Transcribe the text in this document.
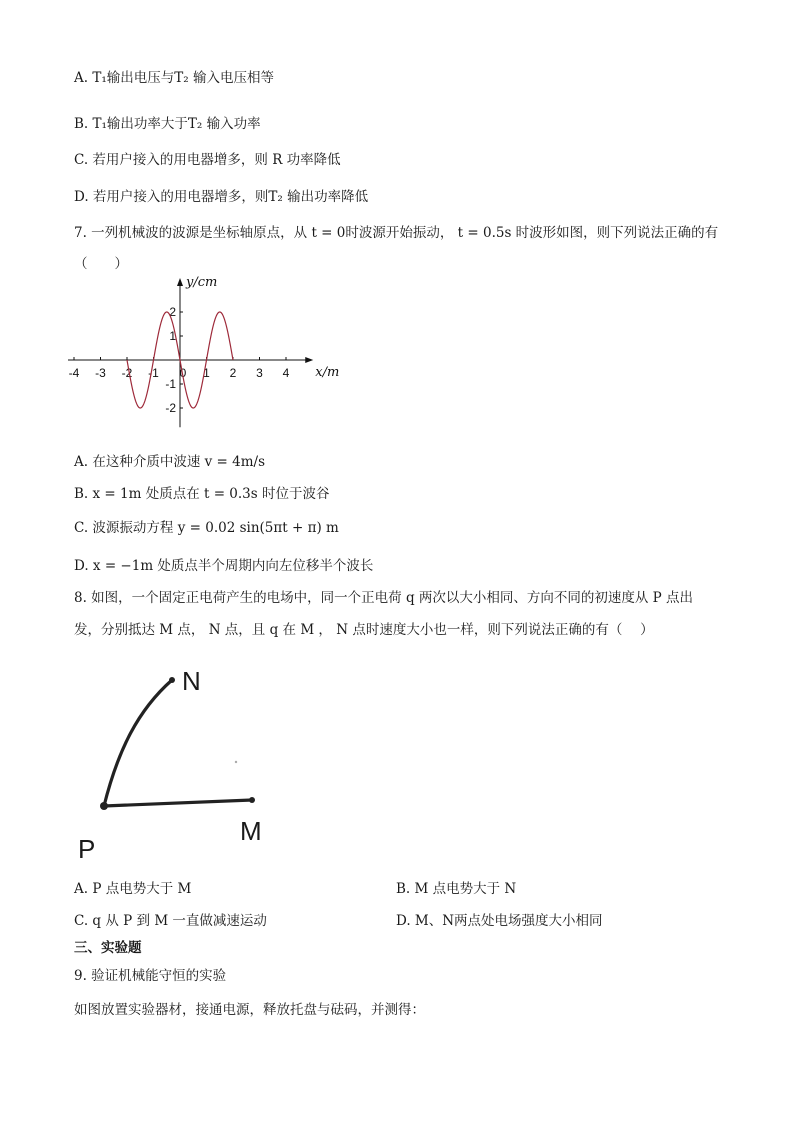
A. T₁输出电压与T₂ 输入电压相等
B. T₁输出功率大于T₂ 输入功率
C. 若用户接入的用电器增多，则 R 功率降低
D. 若用户接入的用电器增多，则T₂ 输出功率降低
7. 一列机械波的波源是坐标轴原点，从 t = 0时波源开始振动， t = 0.5s 时波形如图，则下列说法正确的有
（　　）
-4 -3 -2 -1 0 1 2 3 4
2
1
-1
-2
x/m
y/cm
A. 在这种介质中波速 v = 4m/s
B. x = 1m 处质点在 t = 0.3s 时位于波谷
C. 波源振动方程 y = 0.02 sin(5πt + π) m
D. x = −1m 处质点半个周期内向左位移半个波长
8. 如图，一个固定正电荷产生的电场中，同一个正电荷 q 两次以大小相同、方向不同的初速度从 P 点出
发，分别抵达 M 点， N 点，且 q 在 M ， N 点时速度大小也一样，则下列说法正确的有（　 ）
N
M
P
A. P 点电势大于 M	B. M 点电势大于 N
C. q 从 P 到 M 一直做减速运动	D. M、N两点处电场强度大小相同
三、实验题
9. 验证机械能守恒的实验
如图放置实验器材，接通电源，释放托盘与砝码，并测得：
